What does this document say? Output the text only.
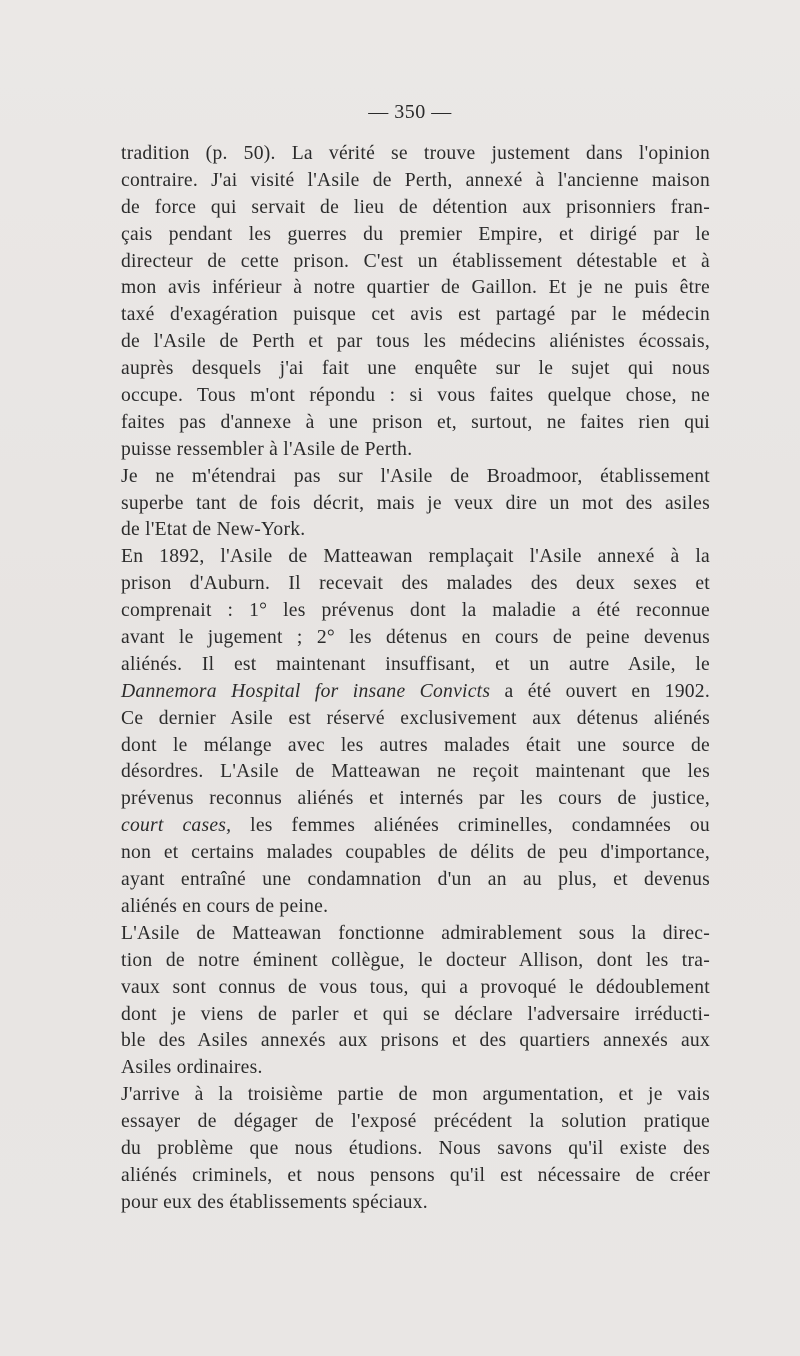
— 350 —
tradition (p. 50). La vérité se trouve justement dans l'opinion
contraire. J'ai visité l'Asile de Perth, annexé à l'ancienne maison
de force qui servait de lieu de détention aux prisonniers fran-
çais pendant les guerres du premier Empire, et dirigé par le
directeur de cette prison. C'est un établissement détestable et à
mon avis inférieur à notre quartier de Gaillon. Et je ne puis être
taxé d'exagération puisque cet avis est partagé par le médecin
de l'Asile de Perth et par tous les médecins aliénistes écossais,
auprès desquels j'ai fait une enquête sur le sujet qui nous
occupe. Tous m'ont répondu : si vous faites quelque chose, ne
faites pas d'annexe à une prison et, surtout, ne faites rien qui
puisse ressembler à l'Asile de Perth.
Je ne m'étendrai pas sur l'Asile de Broadmoor, établissement
superbe tant de fois décrit, mais je veux dire un mot des asiles
de l'Etat de New-York.
En 1892, l'Asile de Matteawan remplaçait l'Asile annexé à la
prison d'Auburn. Il recevait des malades des deux sexes et
comprenait : 1° les prévenus dont la maladie a été reconnue
avant le jugement ; 2° les détenus en cours de peine devenus
aliénés. Il est maintenant insuffisant, et un autre Asile, le
Dannemora Hospital for insane Convicts a été ouvert en 1902.
Ce dernier Asile est réservé exclusivement aux détenus aliénés
dont le mélange avec les autres malades était une source de
désordres. L'Asile de Matteawan ne reçoit maintenant que les
prévenus reconnus aliénés et internés par les cours de justice,
court cases, les femmes aliénées criminelles, condamnées ou
non et certains malades coupables de délits de peu d'importance,
ayant entraîné une condamnation d'un an au plus, et devenus
aliénés en cours de peine.
L'Asile de Matteawan fonctionne admirablement sous la direc-
tion de notre éminent collègue, le docteur Allison, dont les tra-
vaux sont connus de vous tous, qui a provoqué le dédoublement
dont je viens de parler et qui se déclare l'adversaire irréducti-
ble des Asiles annexés aux prisons et des quartiers annexés aux
Asiles ordinaires.
J'arrive à la troisième partie de mon argumentation, et je vais
essayer de dégager de l'exposé précédent la solution pratique
du problème que nous étudions. Nous savons qu'il existe des
aliénés criminels, et nous pensons qu'il est nécessaire de créer
pour eux des établissements spéciaux.
